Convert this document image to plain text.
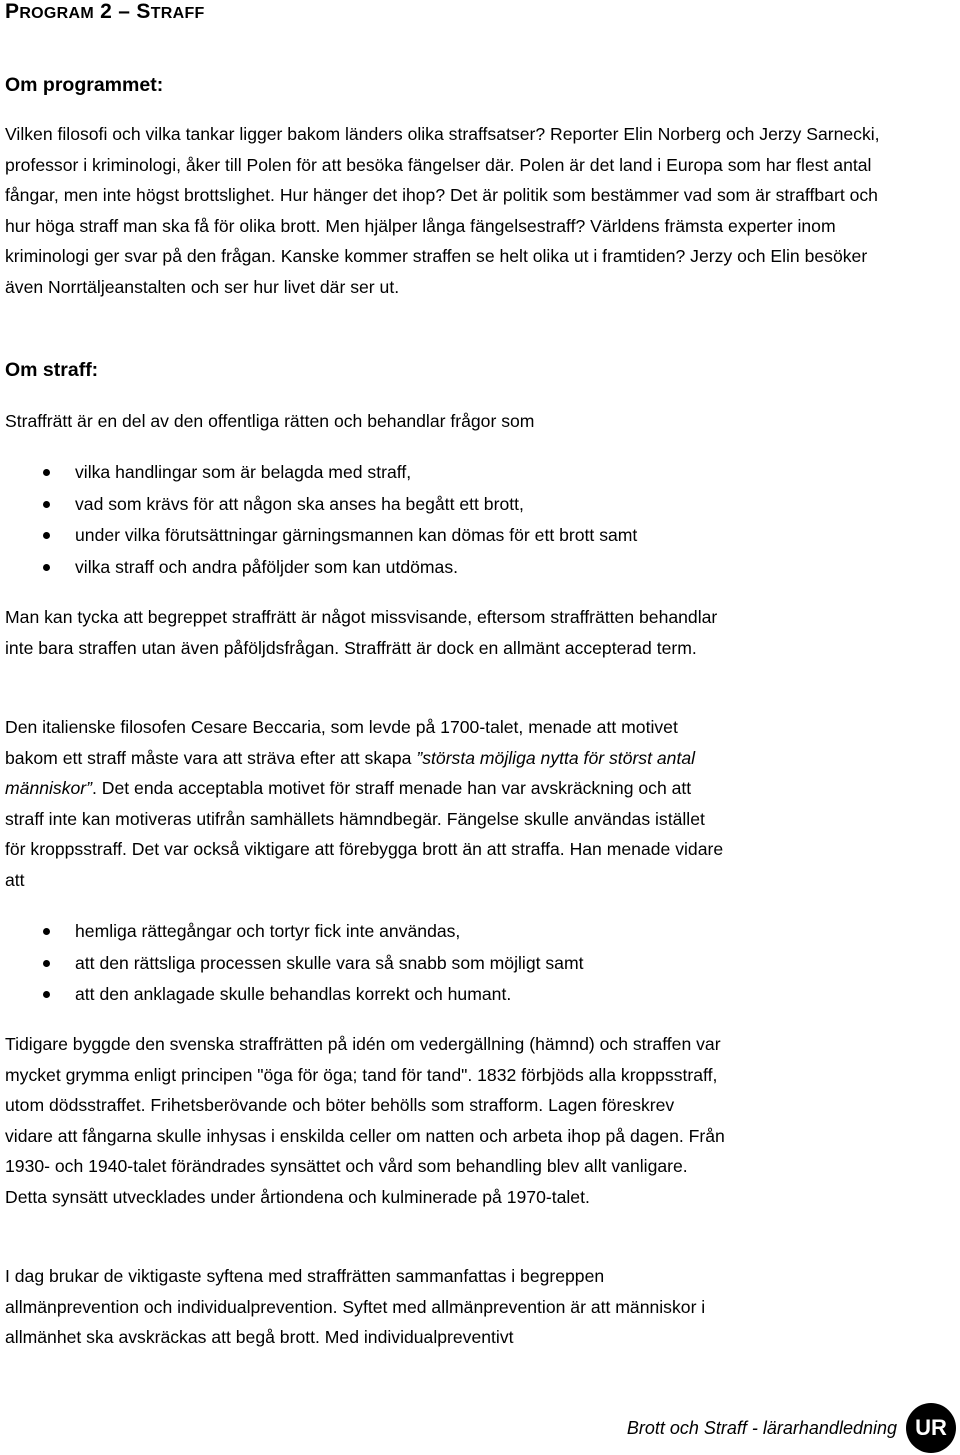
PROGRAM 2 – STRAFF
Om programmet:
Vilken filosofi och vilka tankar ligger bakom länders olika straffsatser? Reporter Elin Norberg och Jerzy Sarnecki, professor i kriminologi, åker till Polen för att besöka fängelser där. Polen är det land i Europa som har flest antal fångar, men inte högst brottslighet. Hur hänger det ihop? Det är politik som bestämmer vad som är straffbart och hur höga straff man ska få för olika brott. Men hjälper långa fängelsestraff? Världens främsta experter inom kriminologi ger svar på den frågan. Kanske kommer straffen se helt olika ut i framtiden? Jerzy och Elin besöker även Norrtäljeanstalten och ser hur livet där ser ut.
Om straff:
Straffrätt är en del av den offentliga rätten och behandlar frågor som
vilka handlingar som är belagda med straff,
vad som krävs för att någon ska anses ha begått ett brott,
under vilka förutsättningar gärningsmannen kan dömas för ett brott samt
vilka straff och andra påföljder som kan utdömas.
Man kan tycka att begreppet straffrätt är något missvisande, eftersom straffrätten behandlar inte bara straffen utan även påföljdsfrågan. Straffrätt är dock en allmänt accepterad term.
Den italienske filosofen Cesare Beccaria, som levde på 1700-talet, menade att motivet bakom ett straff måste vara att sträva efter att skapa ”största möjliga nytta för störst antal människor”. Det enda acceptabla motivet för straff menade han var avskräckning och att straff inte kan motiveras utifrån samhällets hämndbegär. Fängelse skulle användas istället för kroppsstraff. Det var också viktigare att förebygga brott än att straffa. Han menade vidare att
hemliga rättegångar och tortyr fick inte användas,
att den rättsliga processen skulle vara så snabb som möjligt samt
att den anklagade skulle behandlas korrekt och humant.
Tidigare byggde den svenska straffrätten på idén om vedergällning (hämnd) och straffen var mycket grymma enligt principen "öga för öga; tand för tand". 1832 förbjöds alla kroppsstraff, utom dödsstraffet. Frihetsberövande och böter behölls som strafform. Lagen föreskrev vidare att fångarna skulle inhysas i enskilda celler om natten och arbeta ihop på dagen. Från 1930- och 1940-talet förändrades synsättet och vård som behandling blev allt vanligare. Detta synsätt utvecklades under årtiondena och kulminerade på 1970-talet.
I dag brukar de viktigaste syftena med straffrätten sammanfattas i begreppen allmänprevention och individualprevention. Syftet med allmänprevention är att människor i allmänhet ska avskräckas att begå brott. Med individualpreventivt
Brott och Straff - lärarhandledning UR
